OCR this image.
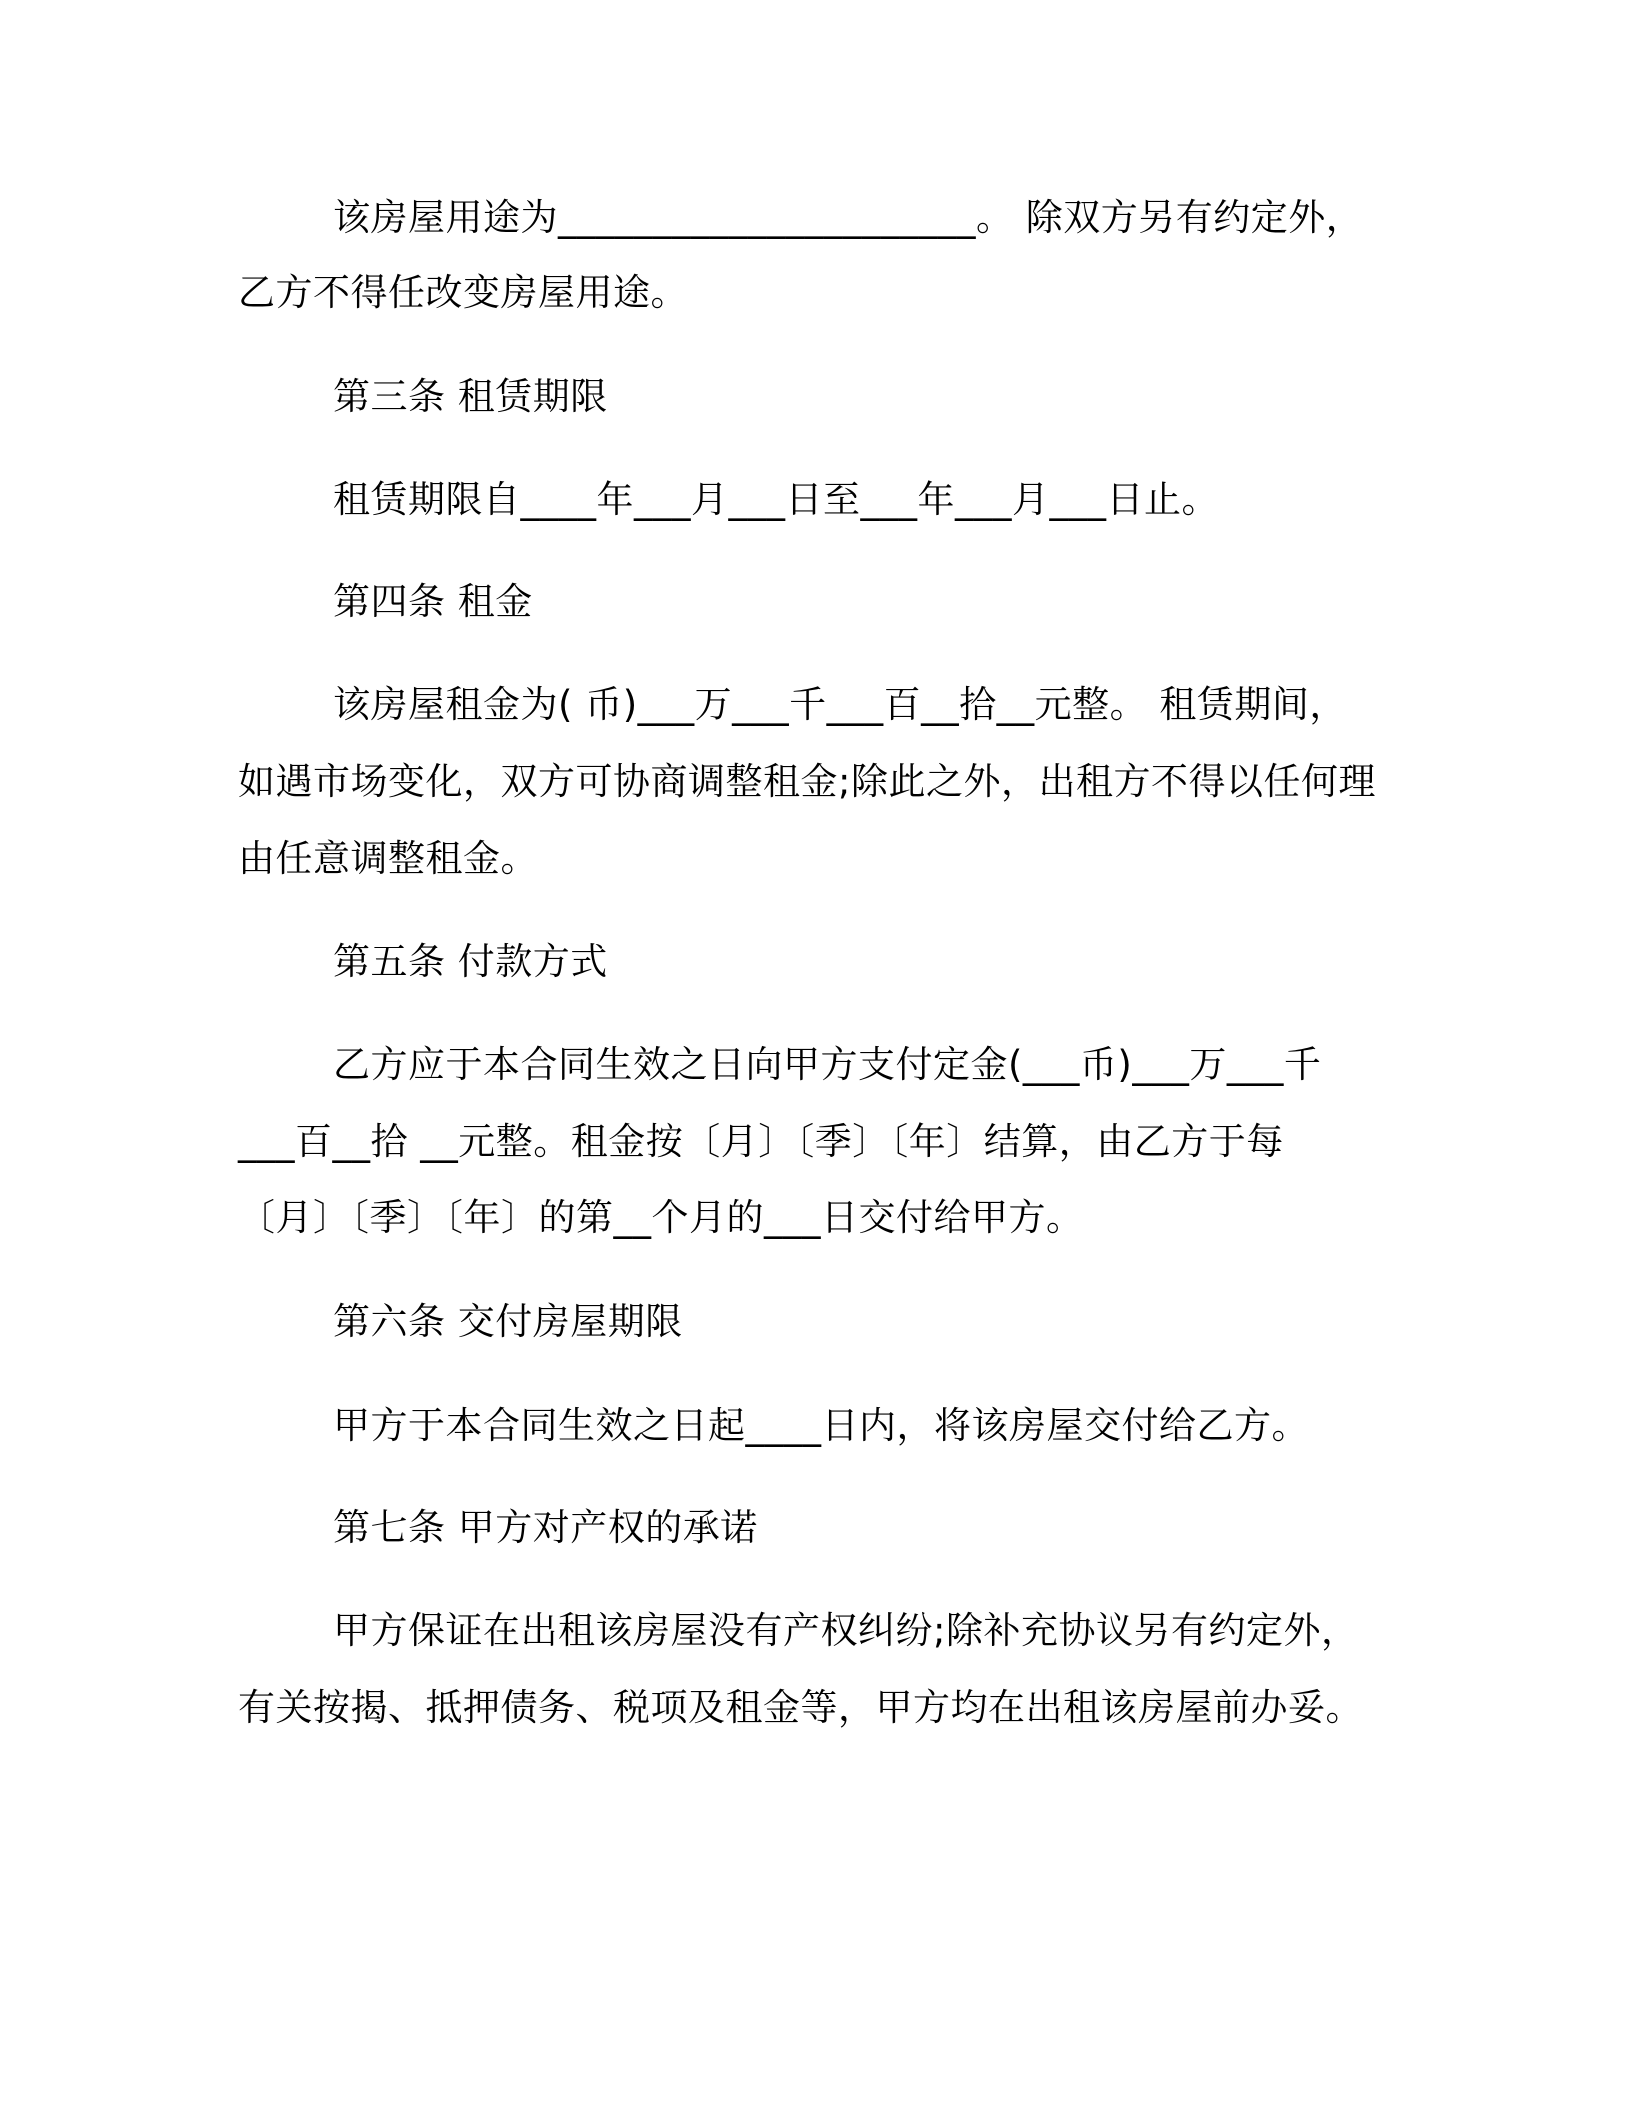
该房屋用途为______________________。 除双方另有约定外，
乙方不得任改变房屋用途。
第三条 租赁期限
租赁期限自____年___月___日至___年___月___日止。
第四条 租金
该房屋租金为( 币)___万___千___百__拾__元整。 租赁期间，
如遇市场变化，双方可协商调整租金;除此之外，出租方不得以任何理
由任意调整租金。
第五条 付款方式
乙方应于本合同生效之日向甲方支付定金(___币)___万___千
___百__拾 __元整。租金按〔月〕〔季〕〔年〕结算，由乙方于每
〔月〕〔季〕〔年〕的第__个月的___日交付给甲方。
第六条 交付房屋期限
甲方于本合同生效之日起____日内，将该房屋交付给乙方。
第七条 甲方对产权的承诺
甲方保证在出租该房屋没有产权纠纷;除补充协议另有约定外，
有关按揭、抵押债务、税项及租金等，甲方均在出租该房屋前办妥。
